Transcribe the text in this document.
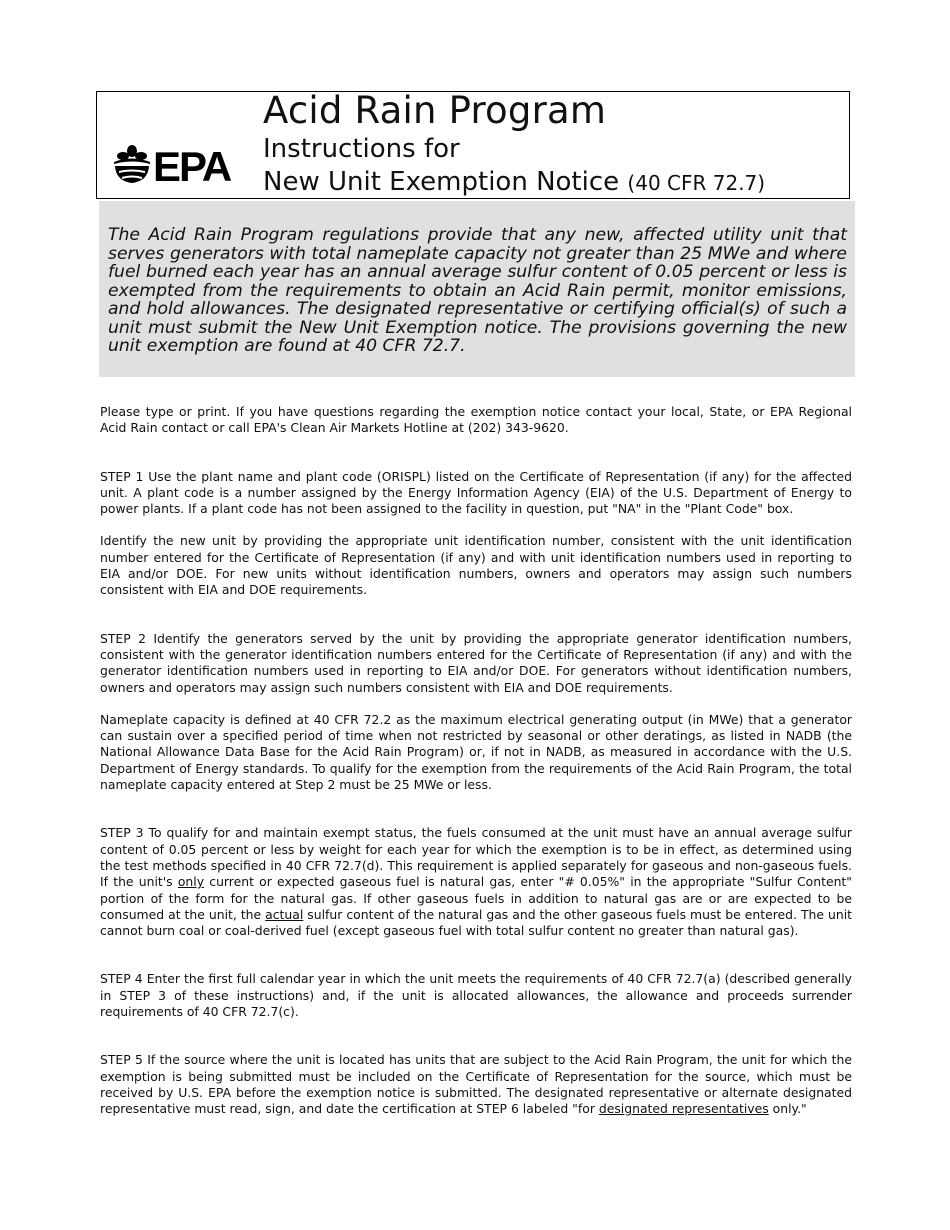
EPA
Acid Rain Program
Instructions for
New Unit Exemption Notice (40 CFR 72.7)

The Acid Rain Program regulations provide that any new, affected utility unit that serves generators with total nameplate capacity not greater than 25 MWe and where fuel burned each year has an annual average sulfur content of 0.05 percent or less is exempted from the requirements to obtain an Acid Rain permit, monitor emissions, and hold allowances. The designated representative or certifying official(s) of such a unit must submit the New Unit Exemption notice. The provisions governing the new unit exemption are found at 40 CFR 72.7.

Please type or print. If you have questions regarding the exemption notice contact your local, State, or EPA Regional Acid Rain contact or call EPA's Clean Air Markets Hotline at (202) 343-9620.

STEP 1 Use the plant name and plant code (ORISPL) listed on the Certificate of Representation (if any) for the affected unit. A plant code is a number assigned by the Energy Information Agency (EIA) of the U.S. Department of Energy to power plants. If a plant code has not been assigned to the facility in question, put "NA" in the "Plant Code" box.

Identify the new unit by providing the appropriate unit identification number, consistent with the unit identification number entered for the Certificate of Representation (if any) and with unit identification numbers used in reporting to EIA and/or DOE. For new units without identification numbers, owners and operators may assign such numbers consistent with EIA and DOE requirements.

STEP 2 Identify the generators served by the unit by providing the appropriate generator identification numbers, consistent with the generator identification numbers entered for the Certificate of Representation (if any) and with the generator identification numbers used in reporting to EIA and/or DOE. For generators without identification numbers, owners and operators may assign such numbers consistent with EIA and DOE requirements.

Nameplate capacity is defined at 40 CFR 72.2 as the maximum electrical generating output (in MWe) that a generator can sustain over a specified period of time when not restricted by seasonal or other deratings, as listed in NADB (the National Allowance Data Base for the Acid Rain Program) or, if not in NADB, as measured in accordance with the U.S. Department of Energy standards. To qualify for the exemption from the requirements of the Acid Rain Program, the total nameplate capacity entered at Step 2 must be 25 MWe or less.

STEP 3 To qualify for and maintain exempt status, the fuels consumed at the unit must have an annual average sulfur content of 0.05 percent or less by weight for each year for which the exemption is to be in effect, as determined using the test methods specified in 40 CFR 72.7(d). This requirement is applied separately for gaseous and non-gaseous fuels. If the unit's only current or expected gaseous fuel is natural gas, enter "# 0.05%" in the appropriate "Sulfur Content" portion of the form for the natural gas. If other gaseous fuels in addition to natural gas are or are expected to be consumed at the unit, the actual sulfur content of the natural gas and the other gaseous fuels must be entered. The unit cannot burn coal or coal-derived fuel (except gaseous fuel with total sulfur content no greater than natural gas).

STEP 4 Enter the first full calendar year in which the unit meets the requirements of 40 CFR 72.7(a) (described generally in STEP 3 of these instructions) and, if the unit is allocated allowances, the allowance and proceeds surrender requirements of 40 CFR 72.7(c).

STEP 5 If the source where the unit is located has units that are subject to the Acid Rain Program, the unit for which the exemption is being submitted must be included on the Certificate of Representation for the source, which must be received by U.S. EPA before the exemption notice is submitted. The designated representative or alternate designated representative must read, sign, and date the certification at STEP 6 labeled "for designated representatives only."
